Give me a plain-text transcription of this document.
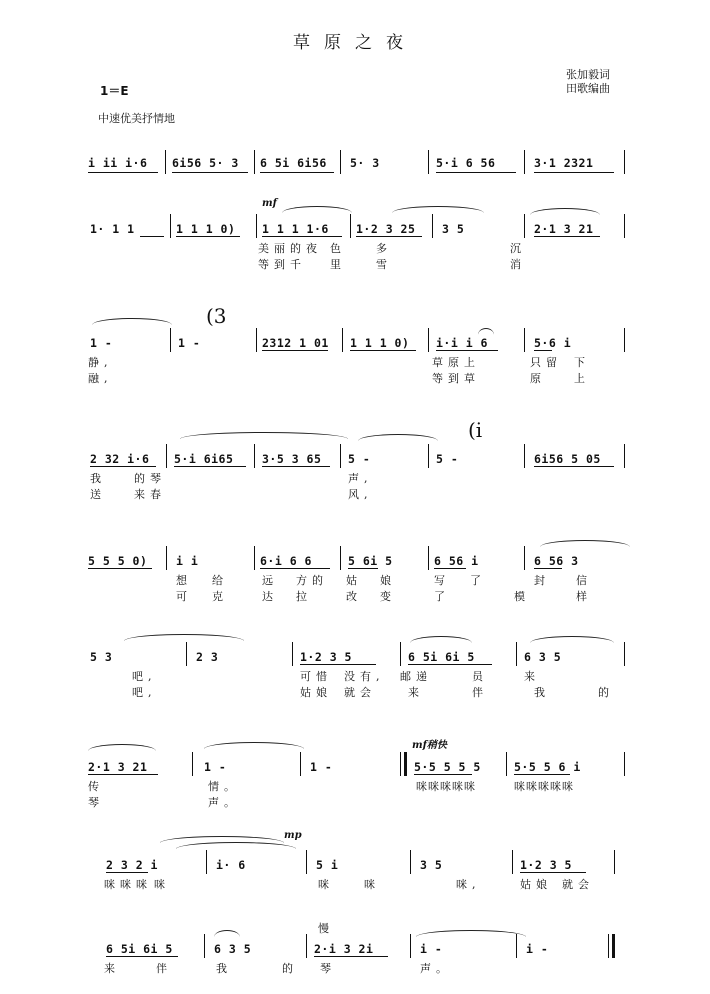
草原之夜
张加毅词
田歌编曲
1＝E
中速优美抒情地
i ii i·6 6i56 5· 3 6 5i 6i56 5· 3	5·i 6 56	3·1 2321
mf
1· 1 1	1 1 1 0) 1 1 1 1·6 1·2 3 25 3 5	2·1 3 21
美丽的夜 色	多	沉
等到千 里	雪	消
(3
1 -	1 -	2312 1 01 1 1 1 0) i·i i 6	5·6 i
静,	草原上	只留 下
融,	等到草	原	上
(i
2 32 i·6 5·i 6i65 3·5 3 65 5 -	5 -	6i56 5 05
我	的琴	声,
送	来春	风,
5 5 5 0) i i	6·i 6 6	5 6i 5	6 56 i	6 56 3
想 给	远 方的 姑 娘	写 了	封 信
可 克	达 拉	改 变	了	模	样
5 3	2 3	1·2 3 5	6 5i 6i 5	6 3 5
吧,	可惜 没有, 邮递	员	来
吧,	姑娘 就会	来	伴	我	的
mf稍快
2·1 3 21	1 -	1 -	5·5 5 5 5	5·5 5 6 i
传	情。	咪咪咪咪咪	咪咪咪咪咪
琴	声。
mp
2 3 2 i	i· 6	5 i	3 5	1·2 3 5
咪咪咪 咪	咪	咪	咪,	姑娘 就会
慢
6 5i 6i 5	6 3 5	2·i 3 2i	i -	i -
来	伴	我	的 琴	声。
